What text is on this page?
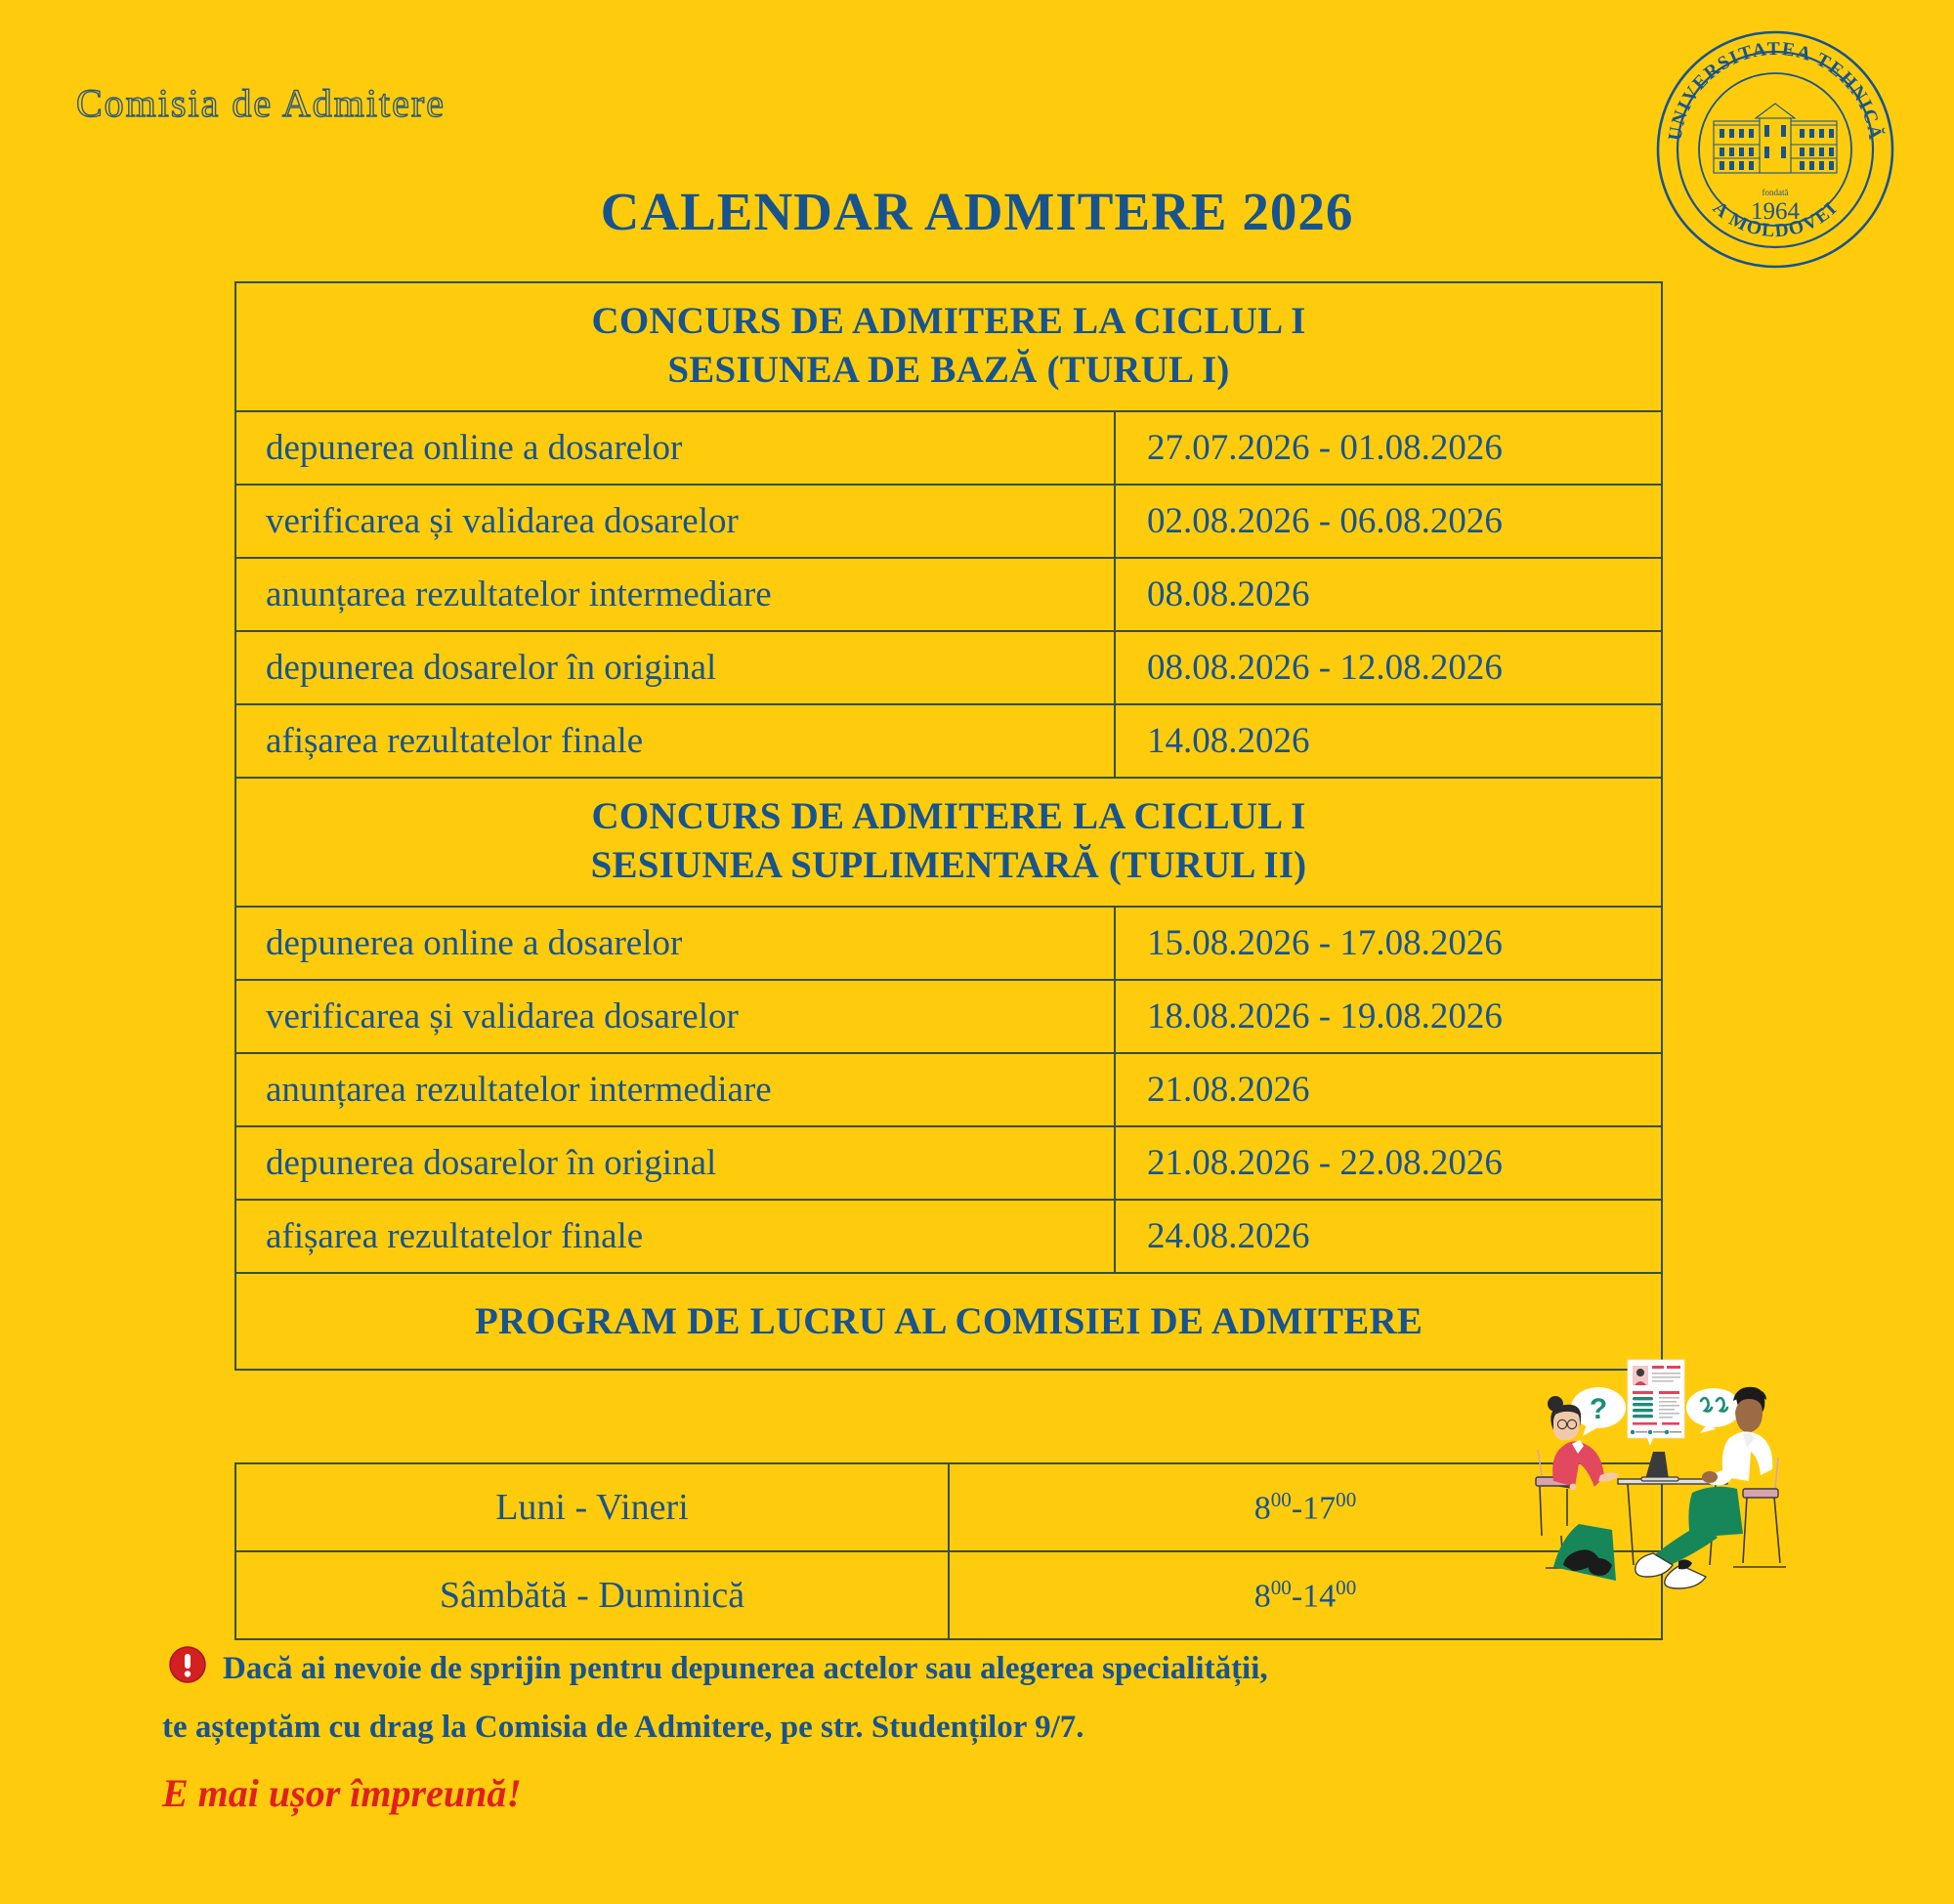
Comisia de Admitere
UNIVERSITATEA TEHNICĂ
A MOLDOVEI
fondată
1964
CALENDAR ADMITERE 2026
CONCURS DE ADMITERE LA CICLUL I
SESIUNEA DE BAZĂ (TURUL I)	

depunerea online a dosarelor	27.07.2026 - 01.08.2026
verificarea și validarea dosarelor	02.08.2026 - 06.08.2026
anunțarea rezultatelor intermediare	08.08.2026
depunerea dosarelor în original	08.08.2026 - 12.08.2026
afișarea rezultatelor finale	14.08.2026
CONCURS DE ADMITERE LA CICLUL I
SESIUNEA SUPLIMENTARĂ (TURUL II)	

depunerea online a dosarelor	15.08.2026 - 17.08.2026
verificarea și validarea dosarelor	18.08.2026 - 19.08.2026
anunțarea rezultatelor intermediare	21.08.2026
depunerea dosarelor în original	21.08.2026 - 22.08.2026
afișarea rezultatelor finale	24.08.2026
PROGRAM DE LUCRU AL COMISIEI DE ADMITERE	
Luni - Vineri	$8^{00}-17^{00}$
Sâmbătă - Duminică	$8^{00}-14^{00}$
Dacă ai nevoie de sprijin pentru depunerea actelor sau alegerea specialității,
te așteptăm cu drag la Comisia de Admitere, pe str. Studenților 9/7.
E mai ușor împreună!
?
